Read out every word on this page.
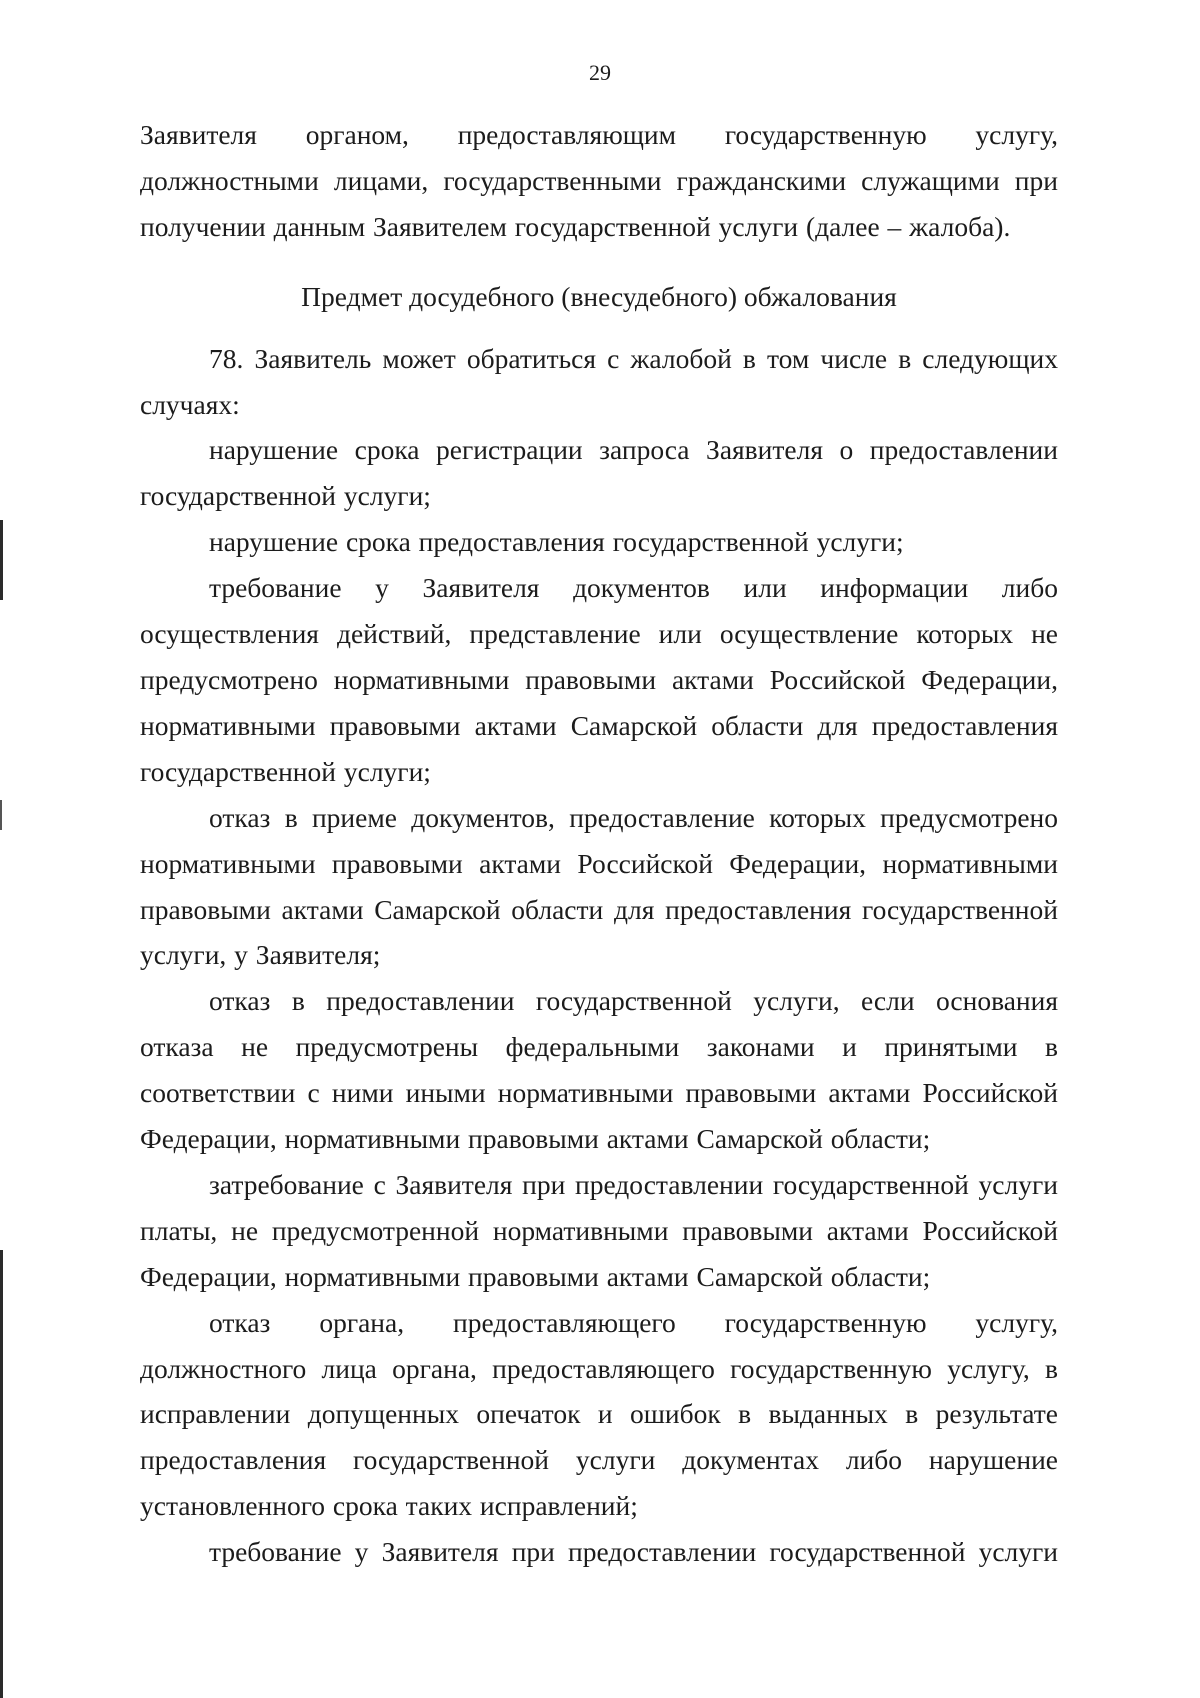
29

Заявителя органом, предоставляющим государственную услугу, должностными лицами, государственными гражданскими служащими при получении данным Заявителем государственной услуги (далее – жалоба).

Предмет досудебного (внесудебного) обжалования

78. Заявитель может обратиться с жалобой в том числе в следующих случаях:

нарушение срока регистрации запроса Заявителя о предоставлении государственной услуги;

нарушение срока предоставления государственной услуги;

требование у Заявителя документов или информации либо осуществления действий, представление или осуществление которых не предусмотрено нормативными правовыми актами Российской Федерации, нормативными правовыми актами Самарской области для предоставления государственной услуги;

отказ в приеме документов, предоставление которых предусмотрено нормативными правовыми актами Российской Федерации, нормативными правовыми актами Самарской области для предоставления государственной услуги, у Заявителя;

отказ в предоставлении государственной услуги, если основания отказа не предусмотрены федеральными законами и принятыми в соответствии с ними иными нормативными правовыми актами Российской Федерации, нормативными правовыми актами Самарской области;

затребование с Заявителя при предоставлении государственной услуги платы, не предусмотренной нормативными правовыми актами Российской Федерации, нормативными правовыми актами Самарской области;

отказ органа, предоставляющего государственную услугу, должностного лица органа, предоставляющего государственную услугу, в исправлении допущенных опечаток и ошибок в выданных в результате предоставления государственной услуги документах либо нарушение установленного срока таких исправлений;

требование у Заявителя при предоставлении государственной услуги
